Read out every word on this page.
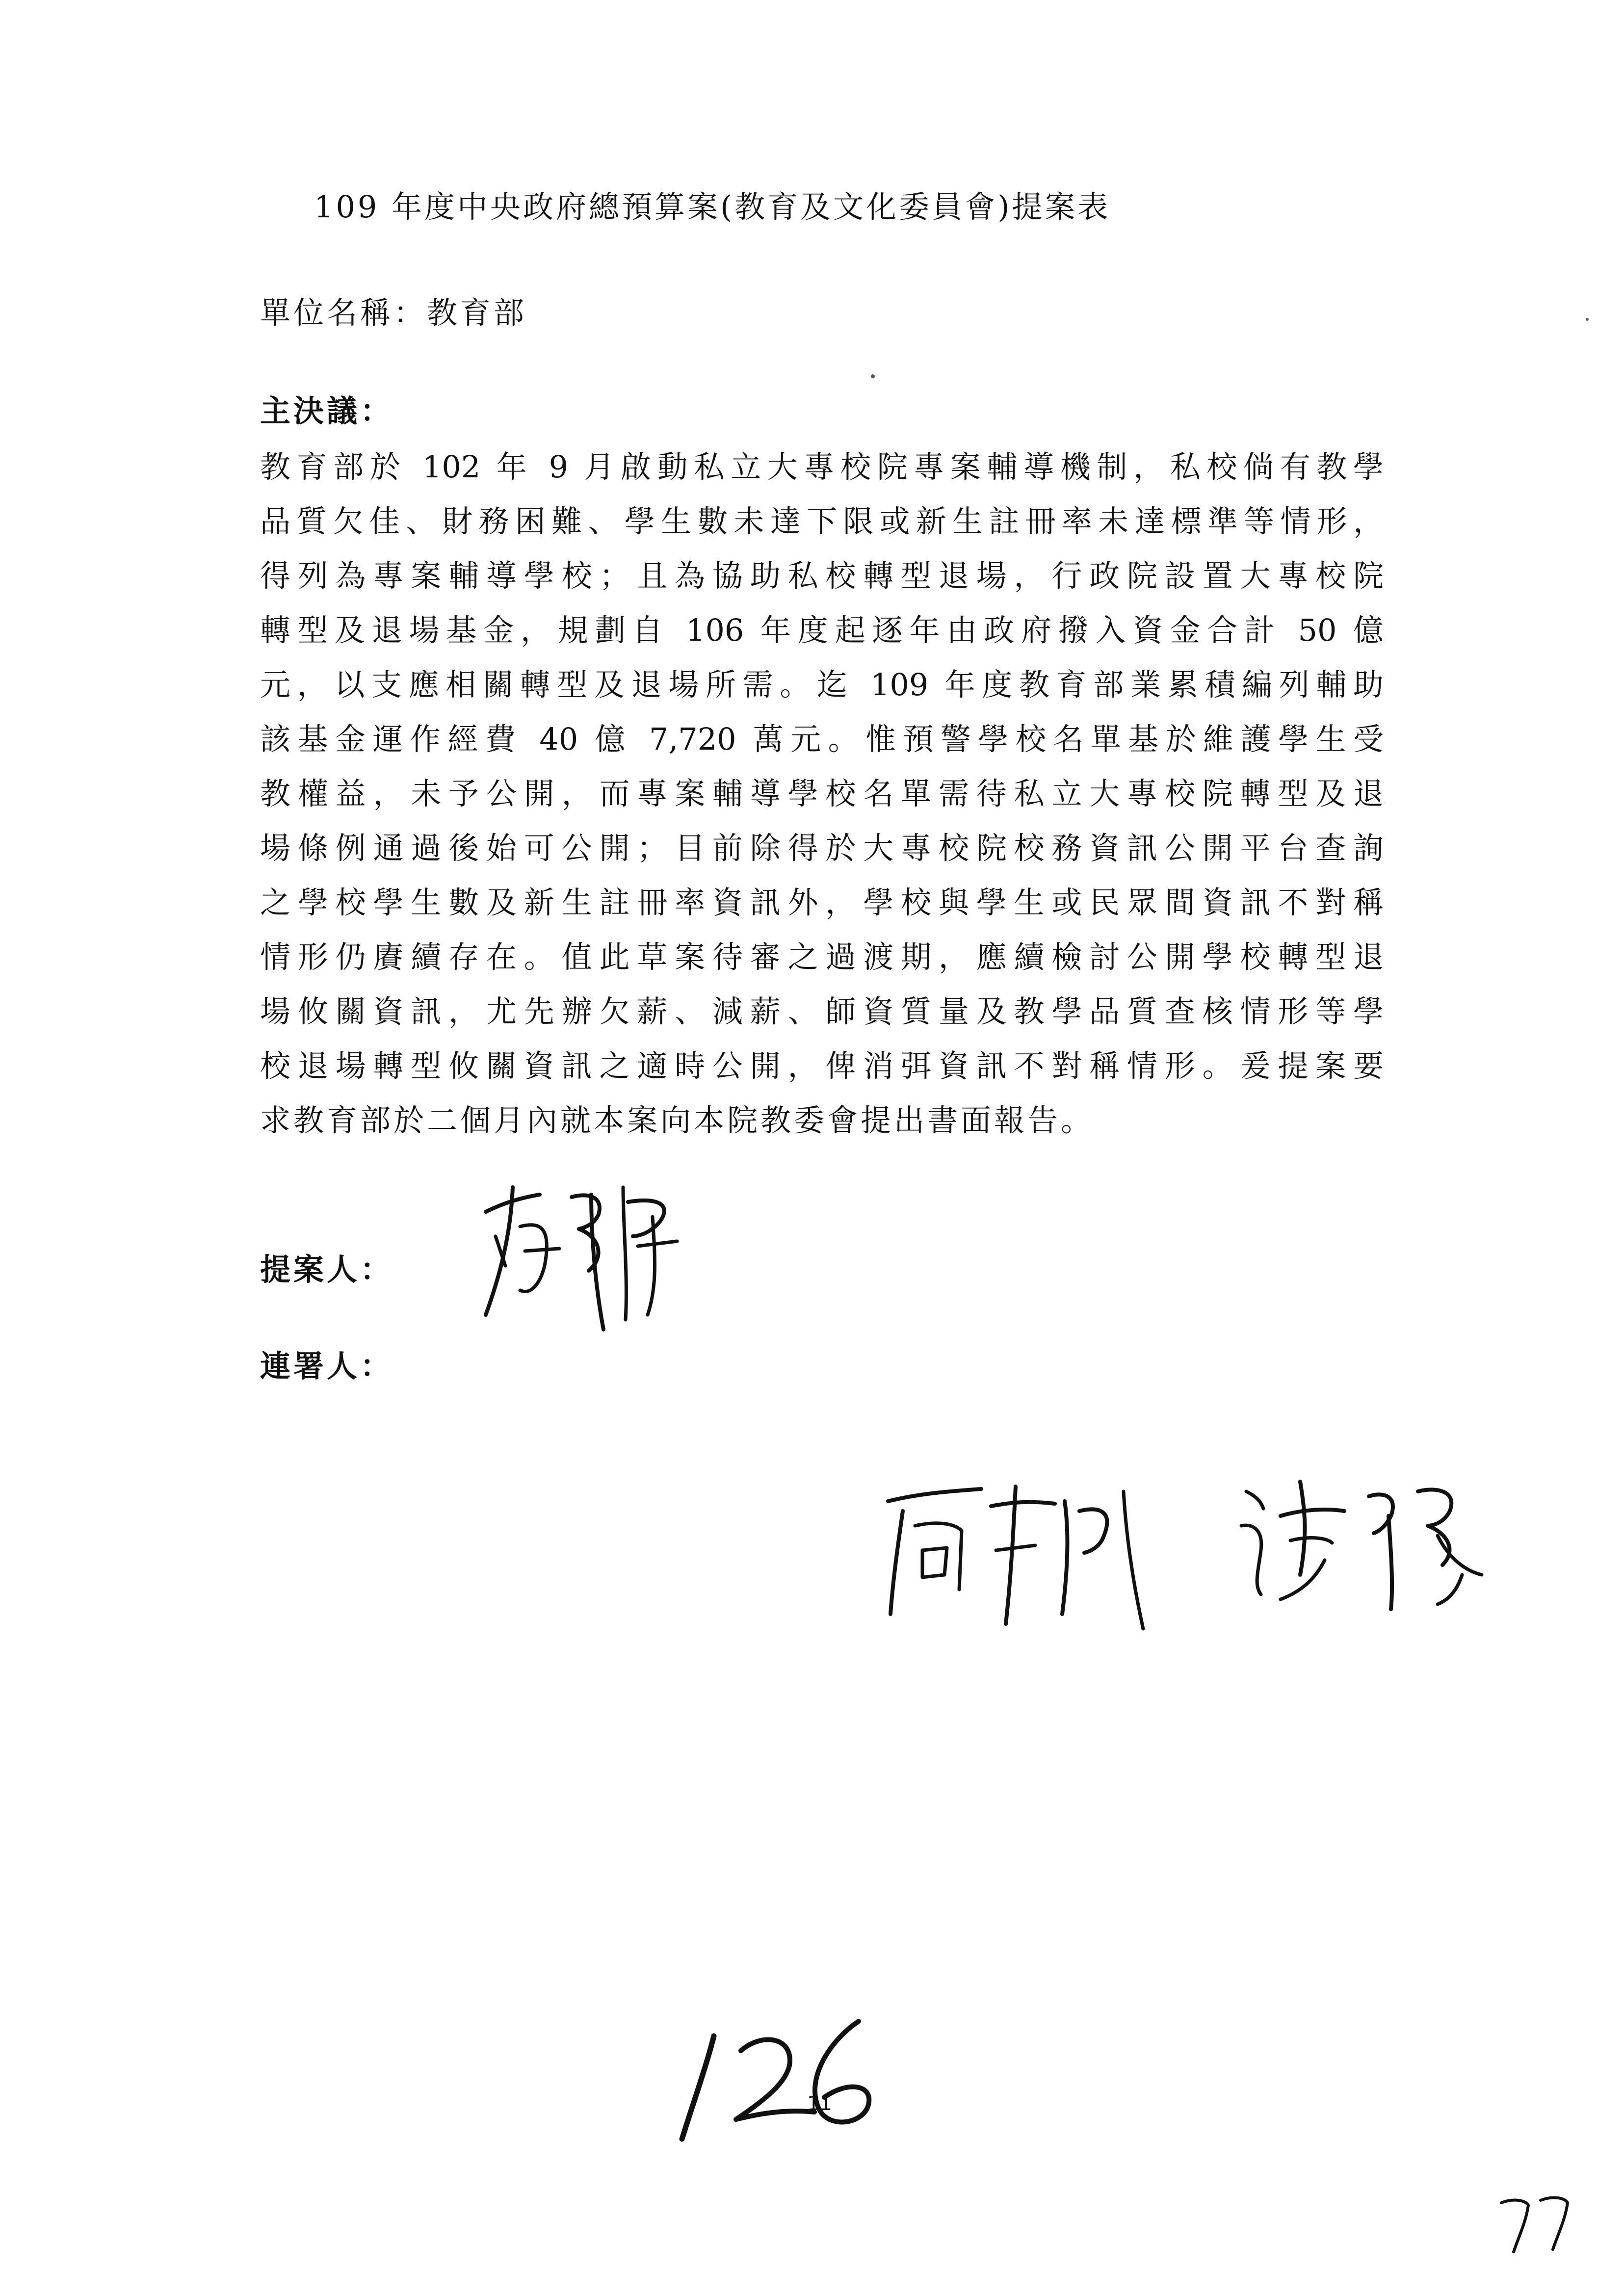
109 年度中央政府總預算案(教育及文化委員會)提案表
單位名稱：教育部
主決議：
教育部於 102 年 9 月啟動私立大專校院專案輔導機制，私校倘有教學
品質欠佳、財務困難、學生數未達下限或新生註冊率未達標準等情形，
得列為專案輔導學校；且為協助私校轉型退場，行政院設置大專校院
轉型及退場基金，規劃自 106 年度起逐年由政府撥入資金合計 50 億
元，以支應相關轉型及退場所需。迄 109 年度教育部業累積編列輔助
該基金運作經費 40 億 7,720 萬元。惟預警學校名單基於維護學生受
教權益，未予公開，而專案輔導學校名單需待私立大專校院轉型及退
場條例通過後始可公開；目前除得於大專校院校務資訊公開平台查詢
之學校學生數及新生註冊率資訊外，學校與學生或民眾間資訊不對稱
情形仍賡續存在。值此草案待審之過渡期，應續檢討公開學校轉型退
場攸關資訊，尤先辦欠薪、減薪、師資質量及教學品質查核情形等學
校退場轉型攸關資訊之適時公開，俾消弭資訊不對稱情形。爰提案要
求教育部於二個月內就本案向本院教委會提出書面報告。
提案人：
連署人：
11
